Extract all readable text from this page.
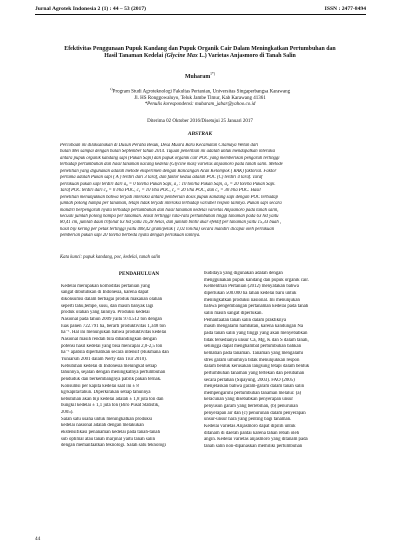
Jurnal Agrotek Indonesia 2 (1) : 44 – 53 (2017)	ISSN : 2477-8494
Efektivitas Penggunaan Pupuk Kandang dan Pupuk Organik Cair Dalam Meningkatkan Pertumbuhan dan
Hasil Tanaman Kedelai (Glycine Max L.) Varietas Anjasmoro di Tanah Salin
Muharam$^{1*)}$
$^{1)}$Program Studi Agroteknologi Fakultas Pertanian, Universitas Singaperbangsa Karawang
Jl. HS Ronggowaluyo, Teluk Jambe Timur, Kab Karawang 41361
*Penulis korespondensi: muharam_jabar@yahoo.co.id
Diterima 02 Oktober 2016/Disetujui 25 Januari 2017
ABSTRAK
Percobaan ini dilaksanakan di Dusun Peraha Besuk, Desa Muara Baru Kecamatan Cilamaya Wetan dari
bulan Mei sampai dengan bulan September tahun 2014. Tujuan penelitian ini adalah untuk mendapatkan interaksi
antara pupuk organik kandang sapi (Pukan Sapi) dan pupuk organik cair POC yang memberikan pengaruh tertinggi
terhadap pertumbuhan dan hasil tanaman kacang kedelai (Glycine max) varietas anjasmoro pada tanah salin. Metode
penelitian yang digunakan adalah metode eksperimen dengan Rancangan Acak Kelompok ( RAK) faktorial. Faktor
pertama adalah Pukan sapi ( A ) terdiri dari 3 taraf, dan faktor kedua adalah POC (C) terdiri 4 taraf. Taraf
perlakuan pukan sapi terdiri dari a₀ = 0 ton/ha Pukan Sapi, a₁ : 10 ton/ha Pukan Sapi, a₂ = 20 ton/ha Pukan Sapi.
Taraf POC terdiri dari c₀ = 0 l/ha POC, c₁ = 10 l/ha POC, c₂ = 20 l/ha POC, dan c₃ = 30 l/ha POC. Hasil
penelitian menunjukkan bahwa terjadi interaksi antara pemberian dosis pupuk kandang sapi dengan POC terhadap
jumlah polong hampa per tanaman, tetapi tidak terjadi interaksi terhadap variabel respon lainnya. Pukan sapi secara
mandiri berpengaruh nyata terhadap pertumbuhan dan hasil tanaman kedelai varietas Anjasmoro pada tanah salin,
kecuali jumlah polong hampa per tanaman. Hasil tertinggi rata-rata pertumbuhan tinggi tanaman pada 63 hst yaitu
80,41 cm, jumlah daun trifoliat 63 hst yaitu 16,28 helai, dan jumlah bintil akar efektif per tanaman yaitu 15,33 buah ,
hasil biji kering per petak tertinggi yaitu 408,42 gram/petak ( 1,02 ton/ha) secara mandiri dicapai oleh perlakuan
pemberian pukan sapi 20 ton/ha berbeda nyata dengan perlakuan lainnya.
Kata kunci: pupuk kandang, poc, kedelai, tanah salin
PENDAHULUAN
Kedelai merupakan komoditas pertanian yang
sangat dibutuhkan di Indonesia, karena dapat
dikonsumsi dalam berbagai produk makanan olahan
seperti tahu,tempe, susu, dan masih banyak lagi
produk olahan yang lainnya. Produksi kedelai
Nasional pada tahun 2009 yaitu 974.512 ton dengan
luas panen 722.791 ha, berarti produktivitas 1,348 ton
ha⁻¹. Hal ini menunjukan bahwa produktivitas kedelai
Nasional masih rendah bila dibandingkan dengan
potensi hasil kedelai yang bisa mencapai 2,0-2,5 ton
ha⁻¹ apabila diperhatikan secara intensif (Rukmana dan
Yuniarsih 2001 dalam Nerty dan Tiur 2010).
Kebutuhan kedelai di Indonesia meningkat setiap
tahunnya, sejalan dengan meningkatnya pertumbuhan
penduduk dan berkembangnya pabrik pakan ternak.
Konsumsi per kapita kedelai saat ini ± 8
kg/kapita/tahun. Diperkirakan setiap tahunnya
kebutuhan akan biji kedelai adalah ± 1,8 juta ton dan
bungkil kedelai ± 1,1 juta ton (Biro Pusat Statistik,
2005).
Salah satu usaha untuk meningkatkan produksi
kedelai nasional adalah dengan melakukan
ekstensifikasi penanaman kedelai pada tanah-tanah
sub optimal atau tanah marjinal yaitu tanah salin
dengan memanfaatkan teknologi. Salah satu teknologi
budidaya yang digunakan adalah dengan
menggunakan pupuk kandang dan pupuk organik cair.
Kementrian Pertanian (2012) menyatakan bahwa
diperlukan 500.000 ha lahan kedelai baru untuk
meningkatkan produksi nasional. Ini menunjukan
bahwa pengembangan pertanaman kedelai pada tanah
salin masih sangat diperlukan.
Pemanfaatan tanah salin dalam praktiknya
masih mengalami hambatan, karena kandungan Na
pada tanah salin yang tinggi yang akan menyebabkan
tidak tersedianya unsur Ca, Mg, K dan S dalam tanah,
sehingga dapat menghambat pertumbuhan bahkan
kematian pada tanaman. Tanaman yang mengalami
stres garam umumnya tidak menunjukkan respon
dalam bentuk kerusakan langsung tetapi dalam bentuk
pertumbuhan tanaman yang tertekan dan perubahan
secara perlahan (Sipayung, 2003). FAO (2005)
menjelaskan bahwa garam-garam dalam tanah salin
mempengaruhi pertumbuhan tanaman melalui: (a)
keracunan yang disebabkan penyerapan unsur
penyusun garam yang berlebihan, (b) penurunan
penyerapan air dan (c) penurunan dalam penyerapan
unsur-unsur hara yang penting bagi tanaman.
Kedelai varietas Anjasmoro dapat dipilih untuk
ditanam di daerah pantai karena tahan rebah oleh
angin. Kedelai varietas anjasmoro yang ditanam pada
tanah salin non-dipanaskan memiliki pertumbuhan
44
